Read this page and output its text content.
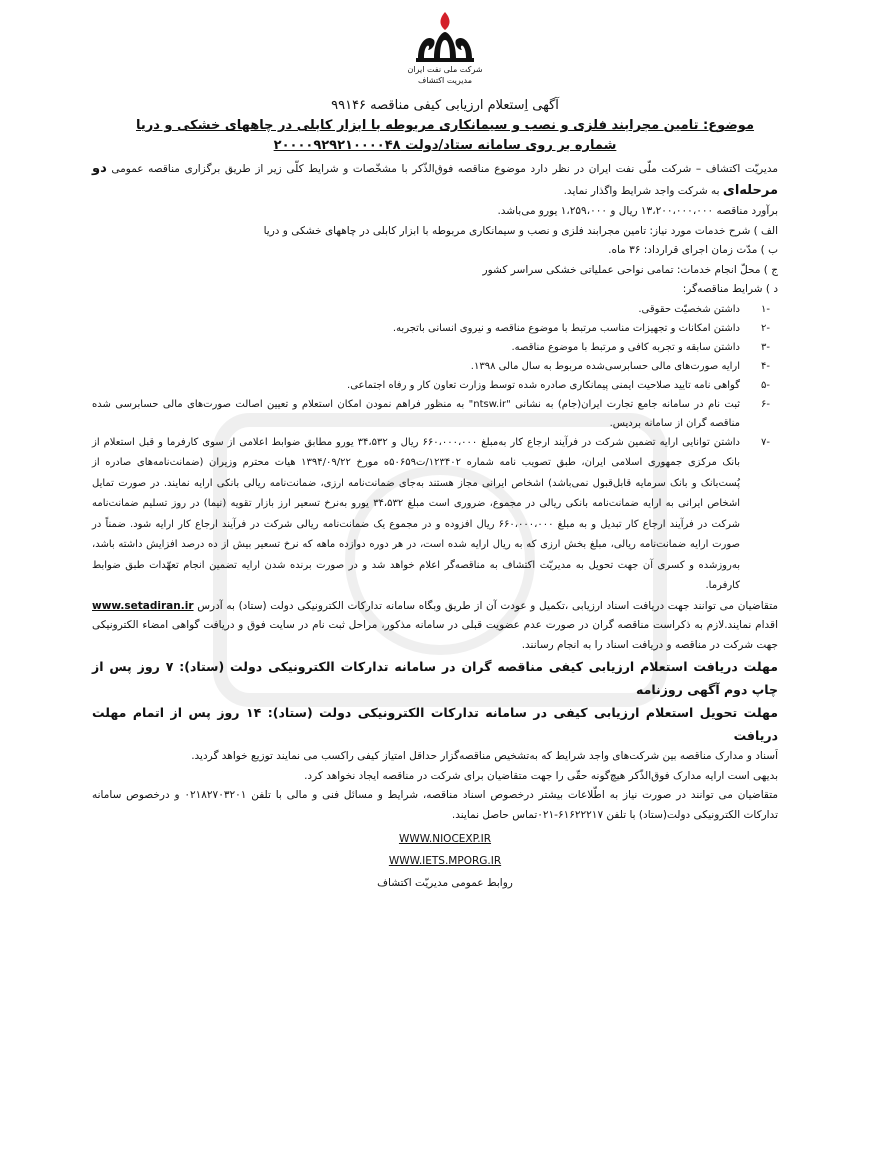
شرکت ملی نفت ایران
مدیریت اکتشاف
آگهی اِستعلام ارزیابی کیفی مناقصه ۹۹۱۴۶
موضوع: تامین مجرابند فلزی و نصب و سیمانکاری مربوطه با ابزار کابلی در چاههای خشکی و دریا
شماره بر روی سامانه ستاد/دولت ۲۰۰۰۰۹۲۹۲۱۰۰۰۰۴۸

مدیریّت اکتشاف – شرکت ملّی نفت ایران در نظر دارد موضوع مناقصه فوق‌الذّکر با مشخّصات و شرایط کلّی زیر از طریق برگزاری مناقصه عمومی دو مرحله‌ای به شرکت واجد شرایط واگذار نماید.

برآورد مناقصه ۱۳،۲۰۰،۰۰۰،۰۰۰ ریال و ۱،۲۵۹،۰۰۰ یورو می‌باشد.

الف ) شرح خدمات مورد نیاز: تامین مجرابند فلزی و نصب و سیمانکاری مربوطه با ابزار کابلی در چاههای خشکی و دریا

ب ) مدّت زمان اجرای قرارداد: ۳۶ ماه.

ج ) محلّ انجام خدمات: تمامی نواحی عملیاتی خشکی سراسر کشور

د ) شرایط مناقصه‌گر:

-۱
داشتن شخصیّت حقوقی.
-۲
داشتن امکانات و تجهیزات مناسب مرتبط با موضوع مناقصه و نیروی انسانی باتجربه.
-۳
داشتن سابقه و تجربه کافی و مرتبط با موضوع مناقصه.
-۴
ارایه صورت‌های مالی حسابرسی‌شده مربوط به سال مالی ۱۳۹۸.
-۵
گواهی نامه تایید صلاحیت ایمنی پیمانکاری صادره شده توسط وزارت تعاون کار و رفاه اجتماعی.
-۶
ثبت نام در سامانه جامع تجارت ایران(جام) به نشانی "ntsw.ir" به منظور فراهم نمودن امکان استعلام و تعیین اصالت صورت‌های مالی حسابرسی شده مناقصه گران از سامانه بردیس.
-۷
داشتن توانایی ارایه تضمین شرکت در فرآیند ارجاع کار به‌مبلغ ۶۶۰،۰۰۰،۰۰۰ ریال و ۳۴،۵۳۲ یورو مطابق ضوابط اعلامی از سوی کارفرما و قبل استعلام از بانک مرکزی جمهوری اسلامی ایران، طبق تصویب نامه شماره ۱۲۳۴۰۲/ت۵۰۶۵۹ه مورخ ۱۳۹۴/۰۹/۲۲ هیات محترم وزیران (ضمانت‌نامه‌های صادره از پُست‌بانک و بانک سرمایه قابل‌قبول نمی‌باشد) اشخاص ایرانی مجاز هستند به‌جای ضمانت‌نامه ارزی، ضمانت‌نامه ریالی بانکی ارایه نمایند. در صورت تمایل اشخاص ایرانی به ارایه ضمانت‌نامه بانکی ریالی در مجموع، ضروری است مبلغ ۳۴،۵۳۲ یورو به‌نرخ تسعیر ارز بازار تقویه (نیما) در روز تسلیم ضمانت‌نامه شرکت در فرآیند ارجاع کار تبدیل و به مبلغ ۶۶۰،۰۰۰،۰۰۰ ریال افزوده و در مجموع یک ضمانت‌نامه ریالی شرکت در فرآیند ارجاع کار ارایه شود. ضمناً در صورت ارایه ضمانت‌نامه ریالی، مبلغ بخش ارزی که به ریال ارایه شده است، در هر دوره دوازده ماهه که نرخ تسعیر بیش از ده درصد افزایش داشته باشد، به‌روزشده و کسری آن جهت تحویل به مدیریّت اکتشاف به مناقصه‌گر اعلام خواهد شد و در صورت برنده شدن ارایه تضمین انجام تعهّدات طبق ضوابط کارفرما.

متقاضیان می توانند جهت دریافت اسناد ارزیابی ،تکمیل و عودت آن از طریق وبگاه سامانه تدارکات الکترونیکی دولت (ستاد) به آدرس www.setadiran.ir اقدام نمایند.لازم به ذکراست مناقصه گران در صورت عدم عضویت قبلی در سامانه مذکور، مراحل ثبت نام در سایت فوق و دریافت گواهی امضاء الکترونیکی جهت شرکت در مناقصه و دریافت اسناد را به انجام رسانند.

مهلت دریافت استعلام ارزیابی کیفی مناقصه گران در سامانه تدارکات الکترونیکی دولت (ستاد): ۷ روز پس از چاپ دوم آگهی روزنامه

مهلت تحویل استعلام ارزیابی کیفی در سامانه تدارکات الکترونیکی دولت (ستاد): ۱۴ روز پس از اتمام مهلت دریافت

اَسناد و مدارک مناقصه بین شرکت‌های واجد شرایط که به‌تشخیص مناقصه‌گزار حداقل امتیاز کیفی راکسب می نمایند توزیع خواهد گردید.

بدیهی است ارایه مدارک فوق‌الذّکر هیچ‌گونه حقّی را جهت متقاضیان برای شرکت در مناقصه ایجاد نخواهد کرد.

متقاضیان می توانند در صورت نیاز به اطّلاعات بیشتر درخصوص اسناد مناقصه، شرایط و مسائل فنی و مالی با تلفن ۰۲۱۸۲۷۰۳۲۰۱ و درخصوص سامانه تدارکات الکترونیکی دولت(ستاد) با تلفن ۶۱۶۲۲۲۱۷-۰۲۱تماس حاصل نمایند.

WWW.NIOCEXP.IR
WWW.IETS.MPORG.IR
روابط عمومی مدیریّت اکتشاف
